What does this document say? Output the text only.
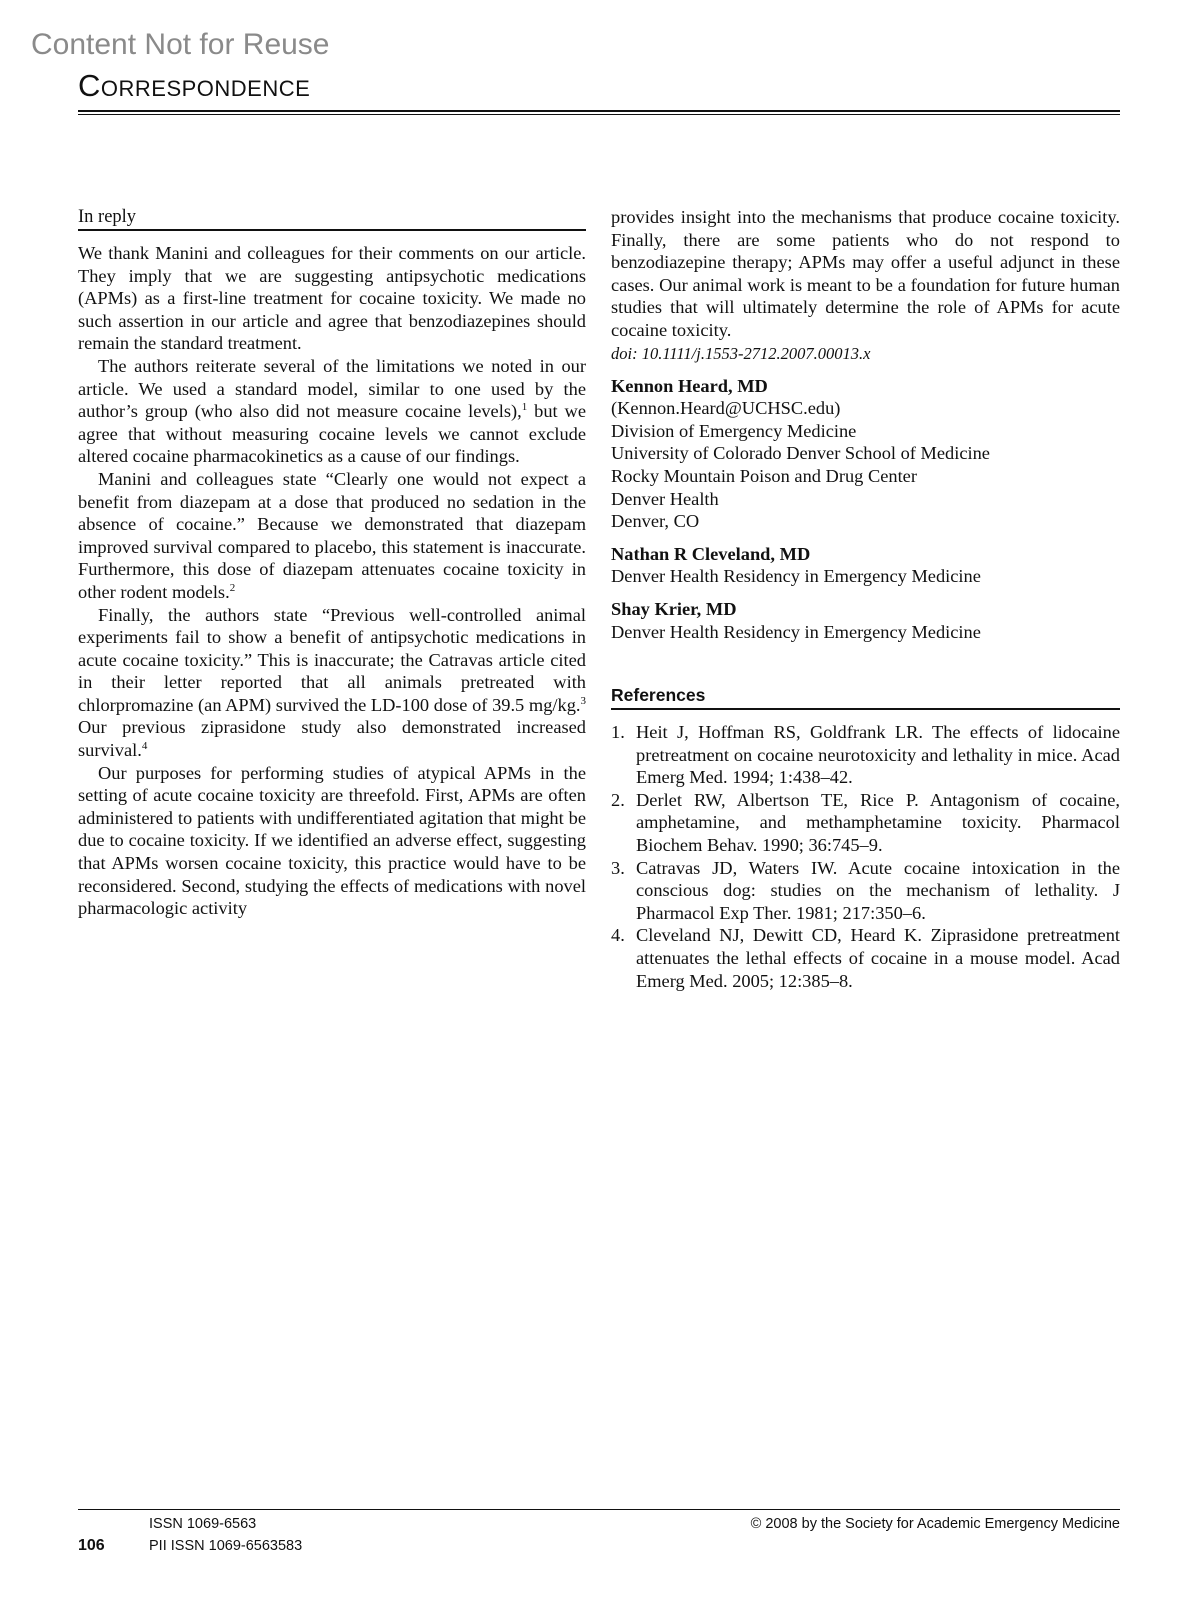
Content Not for Reuse
Correspondence
In reply

We thank Manini and colleagues for their comments on our article. They imply that we are suggesting antipsychotic medications (APMs) as a first-line treatment for cocaine toxicity. We made no such assertion in our article and agree that benzodiazepines should remain the standard treatment.

The authors reiterate several of the limitations we noted in our article. We used a standard model, similar to one used by the author’s group (who also did not measure cocaine levels),$^1$ but we agree that without measuring cocaine levels we cannot exclude altered cocaine pharmacokinetics as a cause of our findings.

Manini and colleagues state “Clearly one would not expect a benefit from diazepam at a dose that produced no sedation in the absence of cocaine.” Because we demonstrated that diazepam improved survival compared to placebo, this statement is inaccurate. Furthermore, this dose of diazepam attenuates cocaine toxicity in other rodent models.$^2$

Finally, the authors state “Previous well-controlled animal experiments fail to show a benefit of antipsychotic medications in acute cocaine toxicity.” This is inaccurate; the Catravas article cited in their letter reported that all animals pretreated with chlorpromazine (an APM) survived the LD-100 dose of 39.5 mg/kg.$^3$ Our previous ziprasidone study also demonstrated increased survival.$^4$

Our purposes for performing studies of atypical APMs in the setting of acute cocaine toxicity are threefold. First, APMs are often administered to patients with undifferentiated agitation that might be due to cocaine toxicity. If we identified an adverse effect, suggesting that APMs worsen cocaine toxicity, this practice would have to be reconsidered. Second, studying the effects of medications with novel pharmacologic activity

provides insight into the mechanisms that produce cocaine toxicity. Finally, there are some patients who do not respond to benzodiazepine therapy; APMs may offer a useful adjunct in these cases. Our animal work is meant to be a foundation for future human studies that will ultimately determine the role of APMs for acute cocaine toxicity.

doi: 10.1111/j.1553-2712.2007.00013.x
Kennon Heard, MD
(Kennon.Heard@UCHSC.edu)
Division of Emergency Medicine
University of Colorado Denver School of Medicine
Rocky Mountain Poison and Drug Center
Denver Health
Denver, CO
Nathan R Cleveland, MD
Denver Health Residency in Emergency Medicine
Shay Krier, MD
Denver Health Residency in Emergency Medicine
References
1. Heit J, Hoffman RS, Goldfrank LR. The effects of lidocaine pretreatment on cocaine neurotoxicity and lethality in mice. Acad Emerg Med. 1994; 1:438–42.
2. Derlet RW, Albertson TE, Rice P. Antagonism of cocaine, amphetamine, and methamphetamine toxicity. Pharmacol Biochem Behav. 1990; 36:745–9.
3. Catravas JD, Waters IW. Acute cocaine intoxication in the conscious dog: studies on the mechanism of lethality. J Pharmacol Exp Ther. 1981; 217:350–6.
4. Cleveland NJ, Dewitt CD, Heard K. Ziprasidone pretreatment attenuates the lethal effects of cocaine in a mouse model. Acad Emerg Med. 2005; 12:385–8.
106
ISSN 1069-6563
PII ISSN 1069-6563583
© 2008 by the Society for Academic Emergency Medicine
